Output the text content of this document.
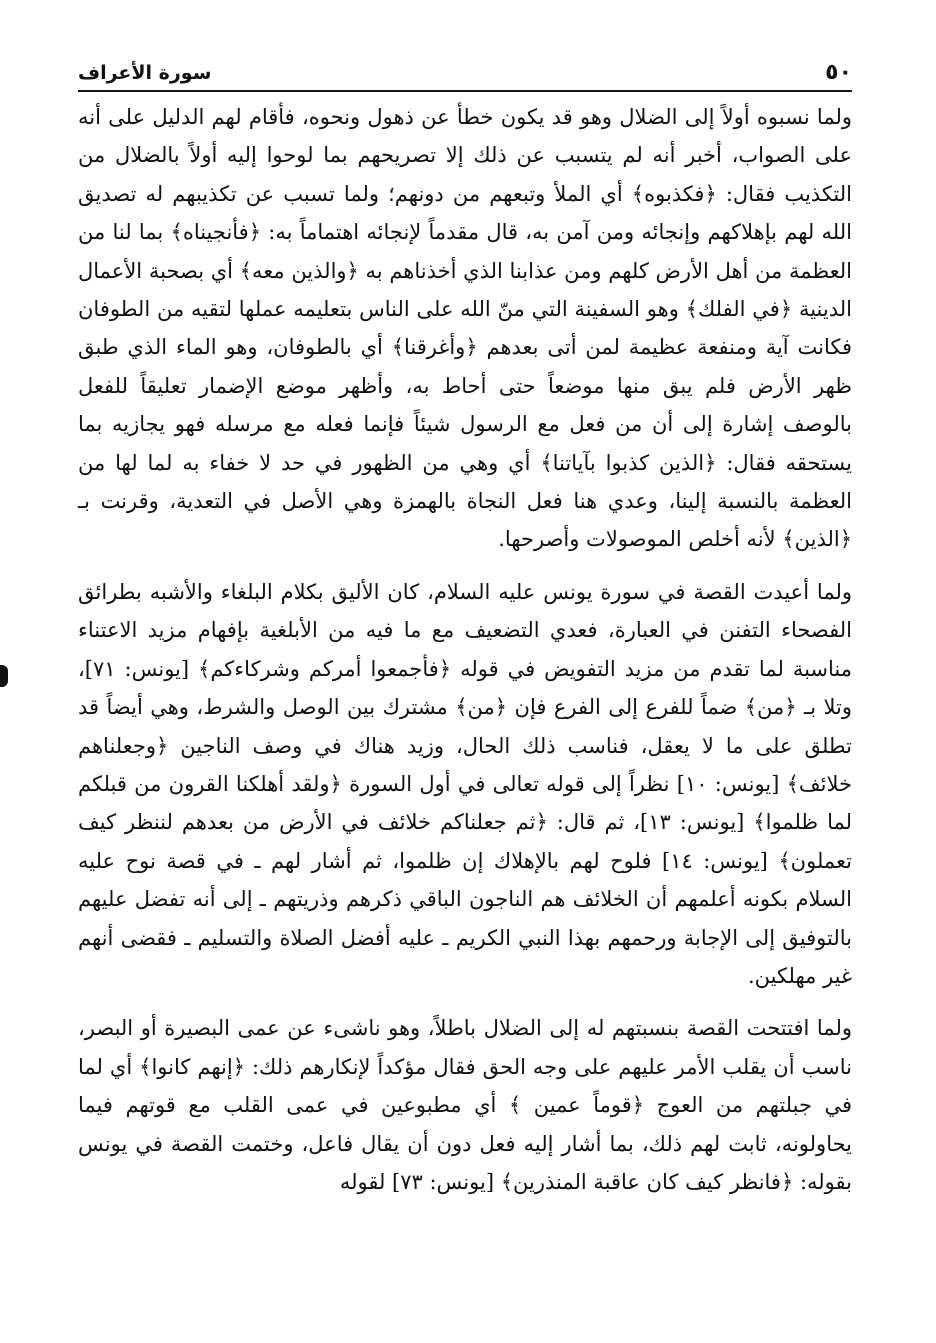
٥٠
سورة الأعراف

ولما نسبوه أولاً إلى الضلال وهو قد يكون خطأ عن ذهول ونحوه، فأقام لهم الدليل على أنه على الصواب، أخبر أنه لم يتسبب عن ذلك إلا تصريحهم بما لوحوا إليه أولاً بالضلال من التكذيب فقال: ﴿فكذبوه﴾ أي الملأ وتبعهم من دونهم؛ ولما تسبب عن تكذيبهم له تصديق الله لهم بإهلاكهم وإنجائه ومن آمن به، قال مقدماً لإنجائه اهتماماً به: ﴿فأنجيناه﴾ بما لنا من العظمة من أهل الأرض كلهم ومن عذابنا الذي أخذناهم به ﴿والذين معه﴾ أي بصحبة الأعمال الدينية ﴿في الفلك﴾ وهو السفينة التي منّ الله على الناس بتعليمه عملها لتقيه من الطوفان فكانت آية ومنفعة عظيمة لمن أتى بعدهم ﴿وأغرقنا﴾ أي بالطوفان، وهو الماء الذي طبق ظهر الأرض فلم يبق منها موضعاً حتى أحاط به، وأظهر موضع الإضمار تعليقاً للفعل بالوصف إشارة إلى أن من فعل مع الرسول شيئاً فإنما فعله مع مرسله فهو يجازيه بما يستحقه فقال: ﴿الذين كذبوا بآياتنا﴾ أي وهي من الظهور في حد لا خفاء به لما لها من العظمة بالنسبة إلينا، وعدي هنا فعل النجاة بالهمزة وهي الأصل في التعدية، وقرنت بـ ﴿الذين﴾ لأنه أخلص الموصولات وأصرحها.

ولما أعيدت القصة في سورة يونس عليه السلام، كان الأليق بكلام البلغاء والأشبه بطرائق الفصحاء التفنن في العبارة، فعدي التضعيف مع ما فيه من الأبلغية بإفهام مزيد الاعتناء مناسبة لما تقدم من مزيد التفويض في قوله ﴿فأجمعوا أمركم وشركاءكم﴾ [يونس: ٧١]، وتلا بـ ﴿من﴾ ضماً للفرع إلى الفرع فإن ﴿من﴾ مشترك بين الوصل والشرط، وهي أيضاً قد تطلق على ما لا يعقل، فناسب ذلك الحال، وزيد هناك في وصف الناجين ﴿وجعلناهم خلائف﴾ [يونس: ١٠] نظراً إلى قوله تعالى في أول السورة ﴿ولقد أهلكنا القرون من قبلكم لما ظلموا﴾ [يونس: ١٣]، ثم قال: ﴿ثم جعلناكم خلائف في الأرض من بعدهم لننظر كيف تعملون﴾ [يونس: ١٤] فلوح لهم بالإهلاك إن ظلموا، ثم أشار لهم ـ في قصة نوح عليه السلام بكونه أعلمهم أن الخلائف هم الناجون الباقي ذكرهم وذريتهم ـ إلى أنه تفضل عليهم بالتوفيق إلى الإجابة ورحمهم بهذا النبي الكريم ـ عليه أفضل الصلاة والتسليم ـ فقضى أنهم غير مهلكين.

ولما افتتحت القصة بنسبتهم له إلى الضلال باطلاً، وهو ناشىء عن عمى البصيرة أو البصر، ناسب أن يقلب الأمر عليهم على وجه الحق فقال مؤكداً لإنكارهم ذلك: ﴿إنهم كانوا﴾ أي لما في جبلتهم من العوج ﴿قوماً عمين ﴾ أي مطبوعين في عمى القلب مع قوتهم فيما يحاولونه، ثابت لهم ذلك، بما أشار إليه فعل دون أن يقال فاعل، وختمت القصة في يونس بقوله: ﴿فانظر كيف كان عاقبة المنذرين﴾ [يونس: ٧٣] لقوله
